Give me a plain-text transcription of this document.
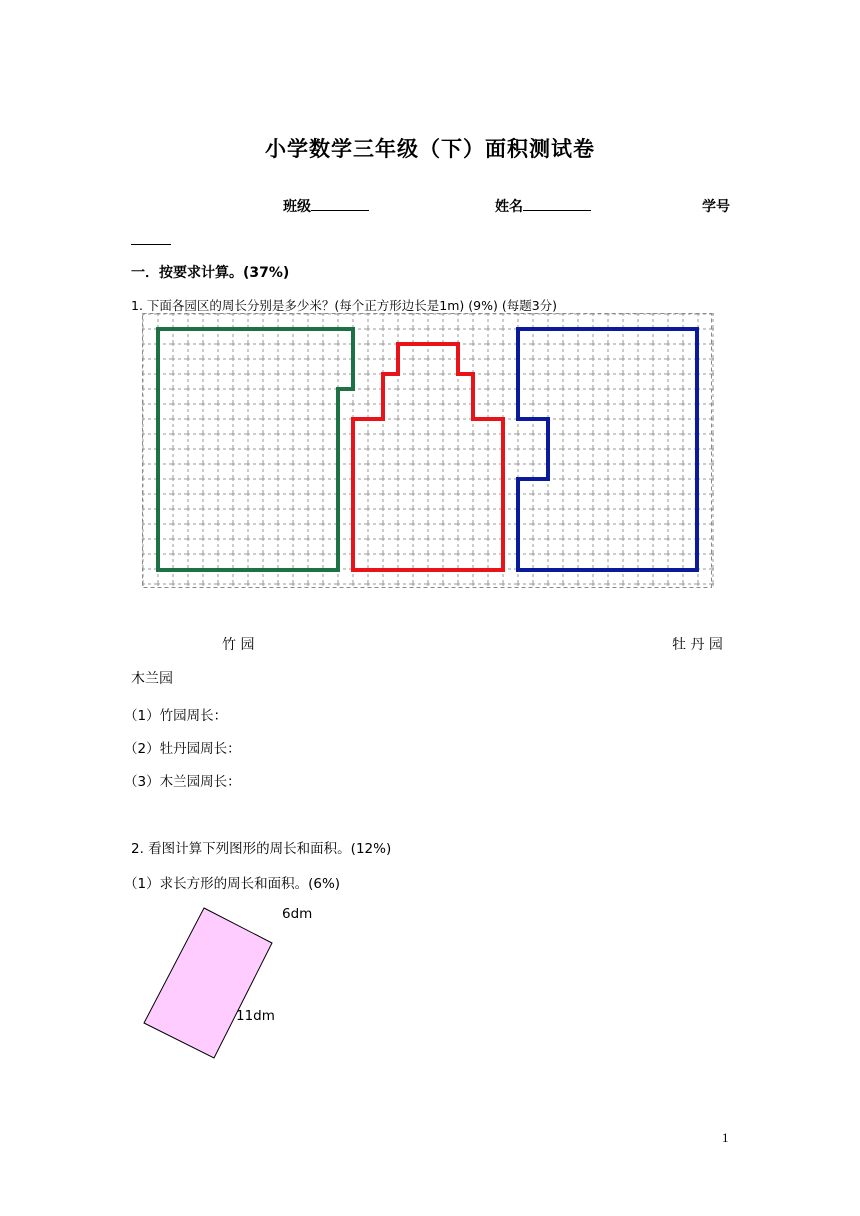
小学数学三年级（下）面积测试卷
班级	姓名	学号
一．按要求计算。(37%)
1. 下面各园区的周长分别是多少米？(每个正方形边长是1m) (9%) (每题3分)
竹 园	牡 丹 园
木兰园
（1）竹园周长：
（2）牡丹园周长：
（3）木兰园周长：
2. 看图计算下列图形的周长和面积。(12%)
（1）求长方形的周长和面积。(6%)
6dm
11dm
1
